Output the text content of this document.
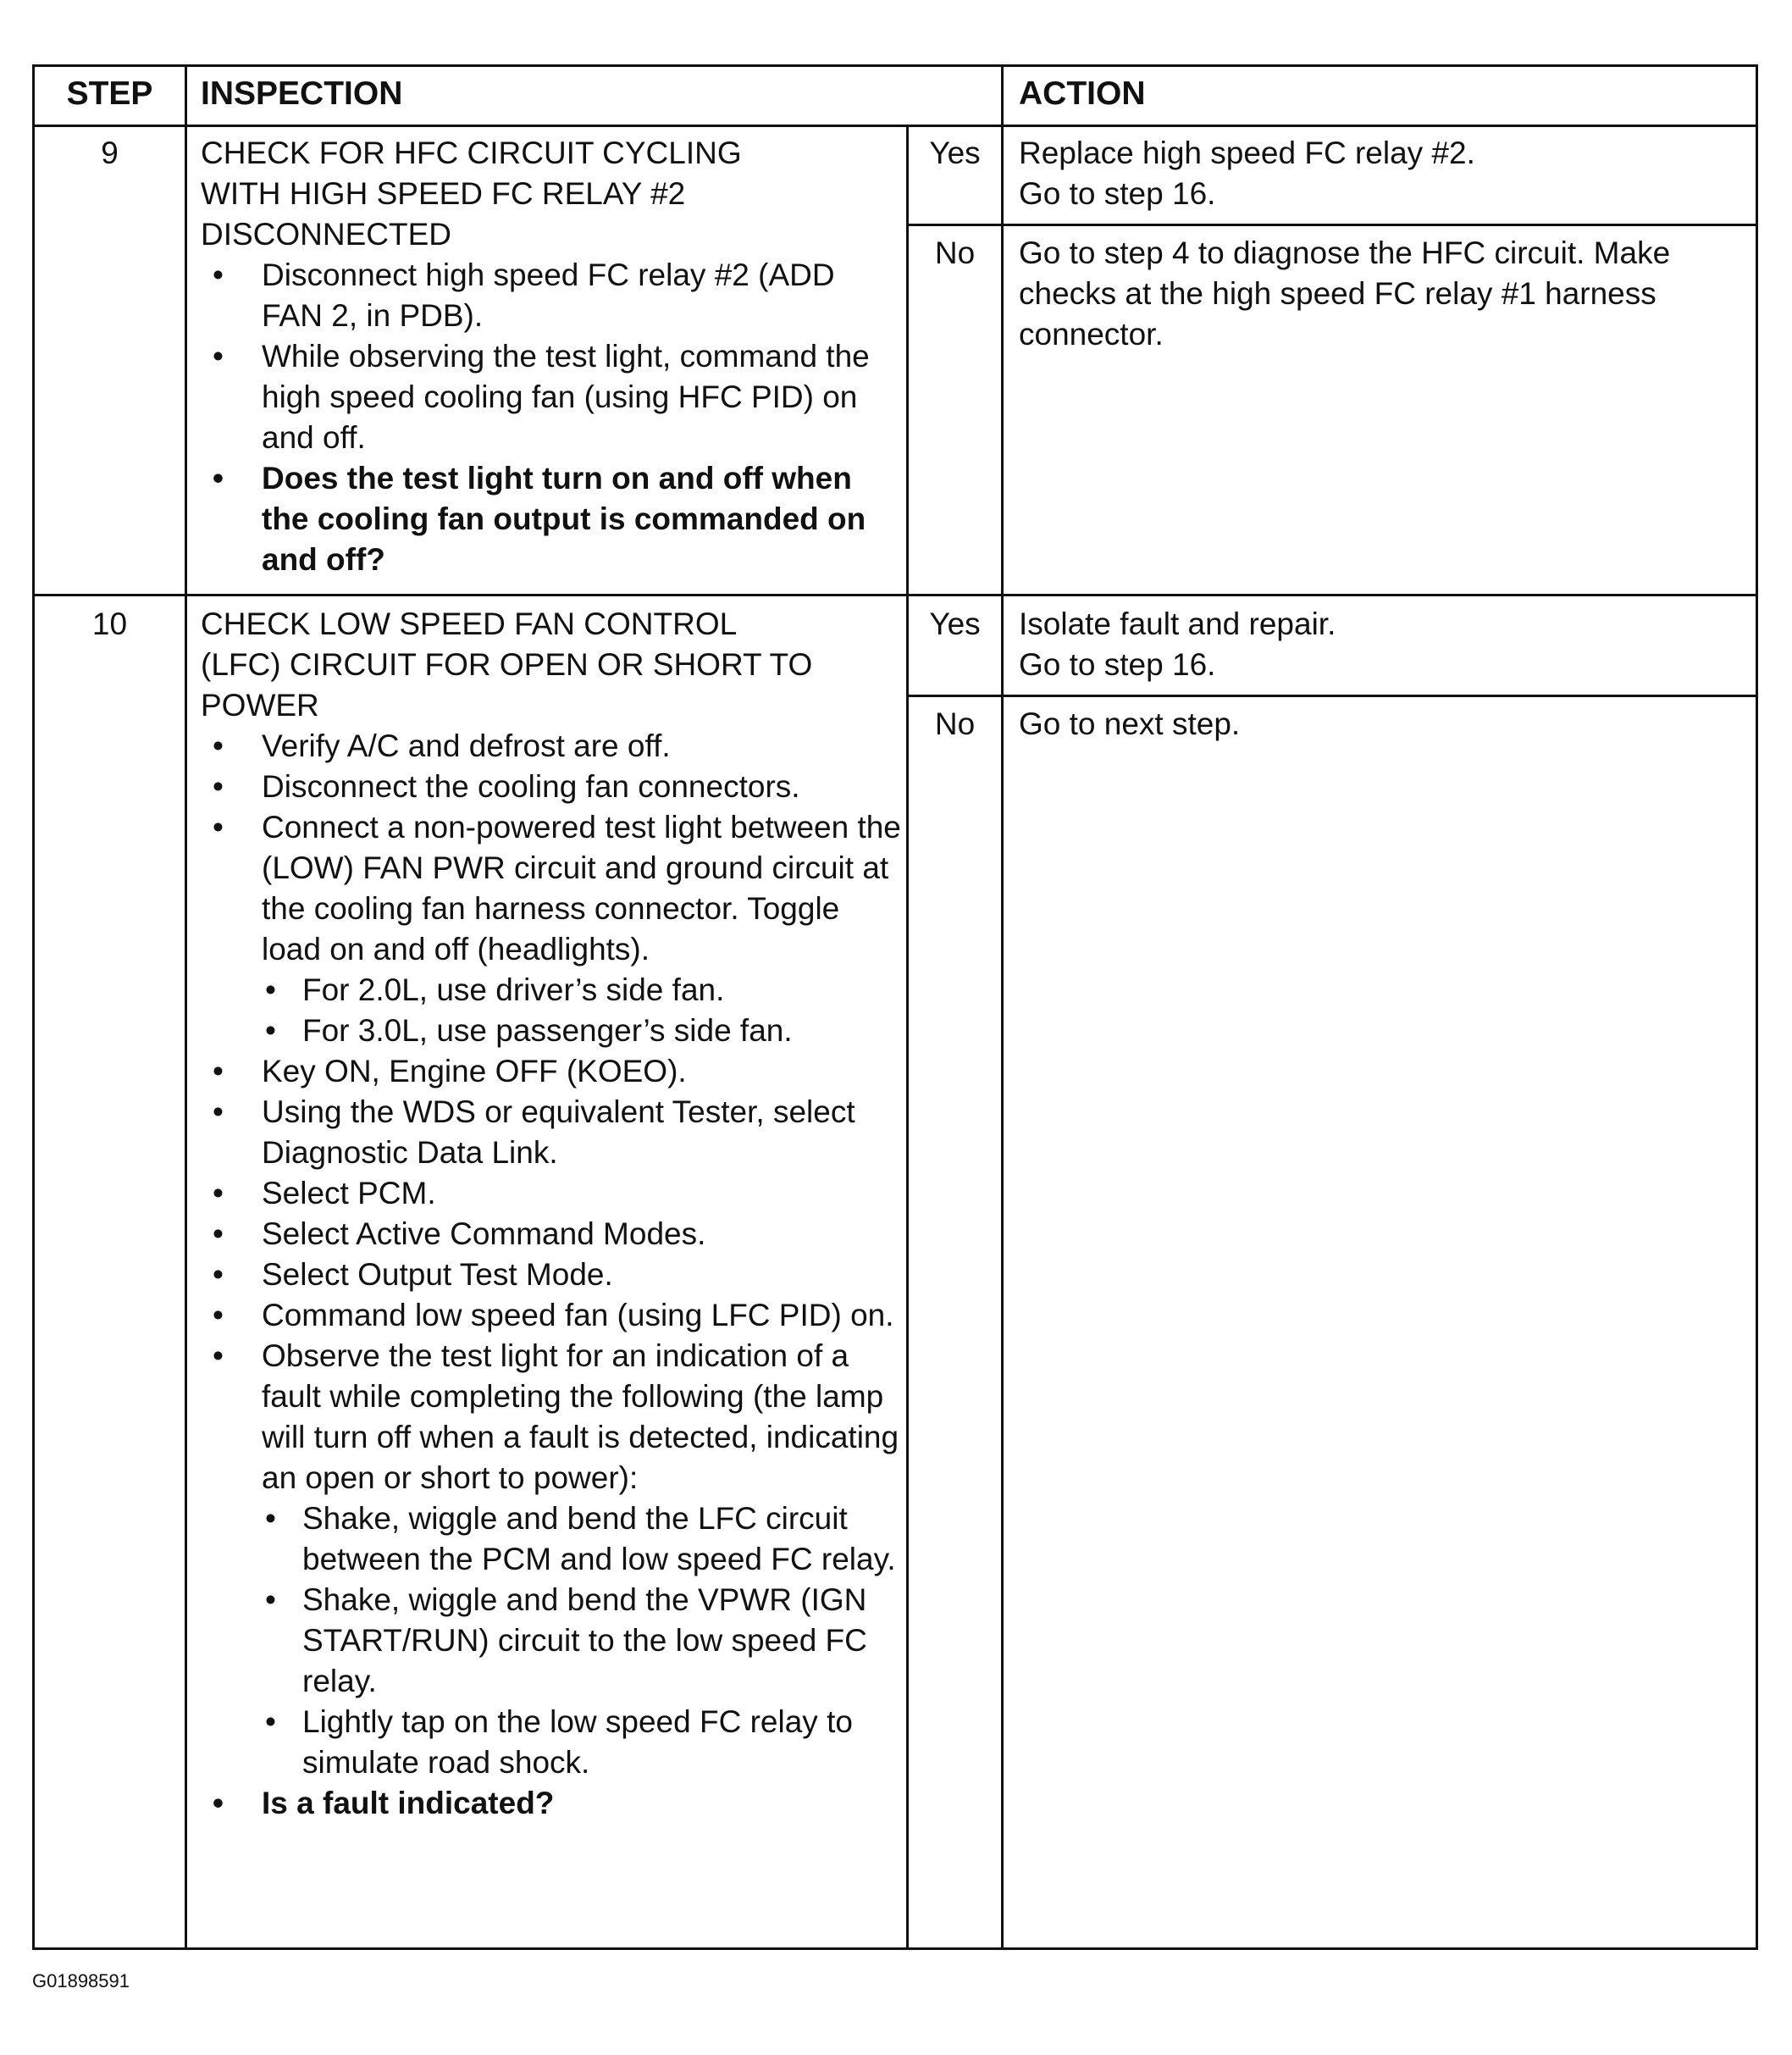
STEP	INSPECTION	ACTION
9	CHECK FOR HFC CIRCUIT CYCLING
WITH HIGH SPEED FC RELAY #2
DISCONNECTED
• Disconnect high speed FC relay #2 (ADD FAN 2, in PDB).
• While observing the test light, command the high speed cooling fan (using HFC PID) on and off.
• Does the test light turn on and off when the cooling fan output is commanded on and off?
Yes	Replace high speed FC relay #2.
Go to step 16.
No	Go to step 4 to diagnose the HFC circuit. Make checks at the high speed FC relay #1 harness connector.
10	CHECK LOW SPEED FAN CONTROL
(LFC) CIRCUIT FOR OPEN OR SHORT TO
POWER
• Verify A/C and defrost are off.
• Disconnect the cooling fan connectors.
• Connect a non-powered test light between the (LOW) FAN PWR circuit and ground circuit at the cooling fan harness connector. Toggle load on and off (headlights).
• For 2.0L, use driver’s side fan.
• For 3.0L, use passenger’s side fan.
• Key ON, Engine OFF (KOEO).
• Using the WDS or equivalent Tester, select Diagnostic Data Link.
• Select PCM.
• Select Active Command Modes.
• Select Output Test Mode.
• Command low speed fan (using LFC PID) on.
• Observe the test light for an indication of a fault while completing the following (the lamp will turn off when a fault is detected, indicating an open or short to power):
• Shake, wiggle and bend the LFC circuit between the PCM and low speed FC relay.
• Shake, wiggle and bend the VPWR (IGN START/RUN) circuit to the low speed FC relay.
• Lightly tap on the low speed FC relay to simulate road shock.
• Is a fault indicated?
Yes	Isolate fault and repair.
Go to step 16.
No	Go to next step.
G01898591
